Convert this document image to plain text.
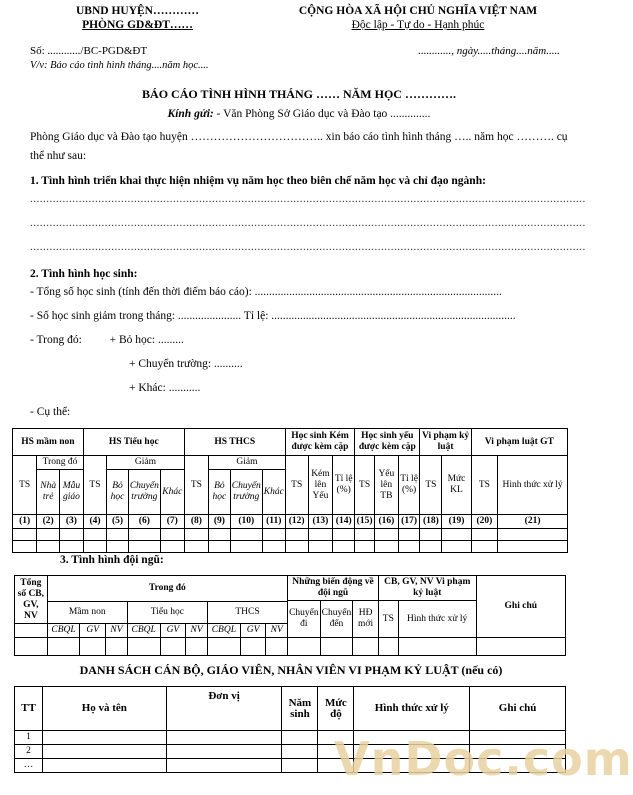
UBND HUYỆN…………
PHÒNG GD&ĐT……
CỘNG HÒA XÃ HỘI CHỦ NGHĨA VIỆT NAM
Độc lập - Tự do - Hạnh phúc
Số: ............/BC-PGD&ĐT	............, ngày.....tháng....năm.....
V/v: Báo cáo tình hình tháng....năm học....
BÁO CÁO TÌNH HÌNH THÁNG …… NĂM HỌC ………….
Kính gửi: - Văn Phòng Sở Giáo dục và Đào tạo ..............
Phòng Giáo dục và Đào tạo huyện …………………………….. xin báo cáo tình hình tháng ….. năm học ………. cụ thể như sau:
1. Tình hình triển khai thực hiện nhiệm vụ năm học theo biên chế năm học và chỉ đạo ngành:
...........................................................................................................................................................................
...........................................................................................................................................................................
...........................................................................................................................................................................
2. Tình hình học sinh:
- Tổng số học sinh (tính đến thời điểm báo cáo): ......................................................................................
- Số học sinh giảm trong tháng: ...................... Tỉ lệ: .....................................................................................
- Trong đó: + Bỏ học: .........
+ Chuyển trường: ..........
+ Khác: ...........
- Cụ thể:
HS mầm non			HS Tiểu học				HS THCS				Học sinh Kém được kèm cặp			Học sinh yếu được kèm cặp			Vi phạm kỷ luật		Vi phạm luật GT	
TS	Trong đó		TS	Giảm			TS	Giảm			TS	Kém lên Yếu	Tỉ lệ (%)	TS	Yếu lên TB	Tỉ lệ (%)	TS	Mức KL	TS	Hình thức xử lý
	Nhà trẻ	Mẫu giáo		Bỏ học	Chuyển trường	Khác		Bỏ học	Chuyển trường	Khác										
(1)	(2)	(3)	(4)	(5)	(6)	(7)	(8)	(9)	(10)	(11)	(12)	(13)	(14)	(15)	(16)	(17)	(18)	(19)	(20)	(21)

3. Tình hình đội ngũ:
Tổng số CB, GV, NV	Trong đó									Những biến động về đội ngũ			CB, GV, NV Vi phạm kỷ luật		Ghi chú
										Chuyển đi	Chuyển đến	HĐ mới	TS	Hình thức xử lý	
	Mầm non			Tiểu học			THCS								
	CBQL	GV	NV	CBQL	GV	NV	CBQL	GV	NV						

DANH SÁCH CÁN BỘ, GIÁO VIÊN, NHÂN VIÊN VI PHẠM KỶ LUẬT (nếu có)
TT	Họ và tên	Đơn vị	Năm sinh	Mức độ	Hình thức xử lý	Ghi chú
1						
2						
…							VnDoc.com
